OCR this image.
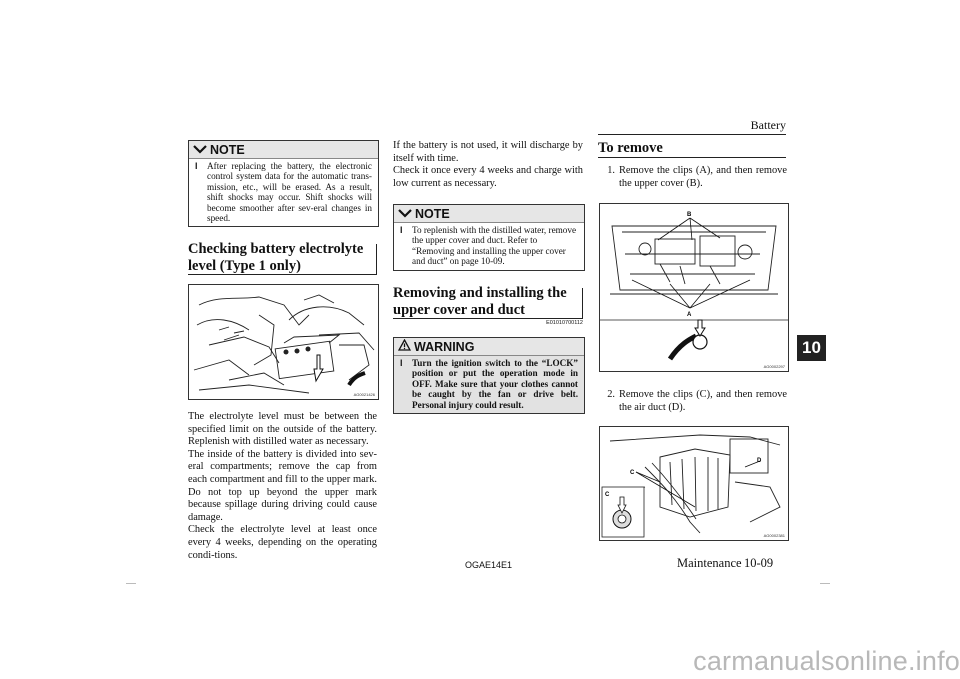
Battery
10
NOTE
l	After replacing the battery, the electronic control system data for the automatic trans-mission, etc., will be erased. As a result, shift shocks may occur. Shift shocks will become smoother after sev-eral changes in speed.
Checking battery electrolyte
level (Type 1 only)
AG0021426
The electrolyte level must be between the specified limit on the outside of the battery. Replenish with distilled water as necessary.
The inside of the battery is divided into sev-eral compartments; remove the cap from each compartment and fill to the upper mark. Do not top up beyond the upper mark because spillage during driving could cause damage.
Check the electrolyte level at least once every 4 weeks, depending on the operating condi-tions.
If the battery is not used, it will discharge by itself with time.
Check it once every 4 weeks and charge with low current as necessary.
NOTE
l	To replenish with the distilled water, remove the upper cover and duct. Refer to “Removing and installing the upper cover and duct” on page 10-09.
Removing and installing the
upper cover and duct
E01010700112
WARNING
l	Turn the ignition switch to the “LOCK” position or put the operation mode in OFF. Make sure that your clothes cannot be caught by the fan or drive belt. Personal injury could result.
To remove
1. Remove the clips (A), and then remove the upper cover (B).
B
A
AG0002297
2. Remove the clips (C), and then remove the air duct (D).
C
D
C
AG0002381
OGAE14E1	Maintenance 10-09
carmanualsonline.info
